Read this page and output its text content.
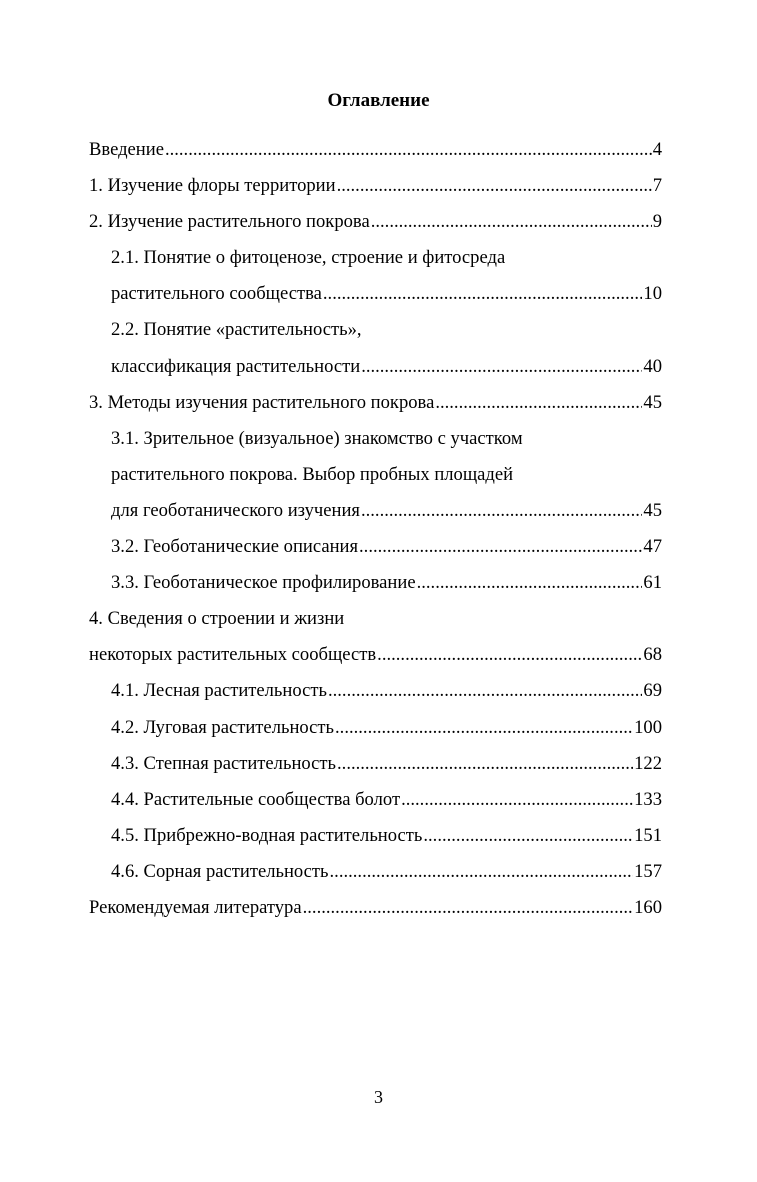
Оглавление
Введение .....	4
1. Изучение флоры территории .....	7
2. Изучение растительного покрова .....	9
2.1. Понятие о фитоценозе, строение и фитосреда
растительного сообщества .....	10
2.2. Понятие «растительность»,
классификация растительности .....	40
3. Методы изучения растительного покрова .....	45
3.1. Зрительное (визуальное) знакомство с участком
растительного покрова. Выбор пробных площадей
для геоботанического изучения .....	45
3.2. Геоботанические описания .....	47
3.3. Геоботаническое профилирование .....	61
4. Сведения о строении и жизни
некоторых растительных сообществ .....	68
4.1. Лесная растительность .....	69
4.2. Луговая растительность .....	100
4.3. Степная растительность .....	122
4.4. Растительные сообщества болот .....	133
4.5. Прибрежно-водная растительность .....	151
4.6. Сорная растительность .....	157
Рекомендуемая литература .....	160
3
